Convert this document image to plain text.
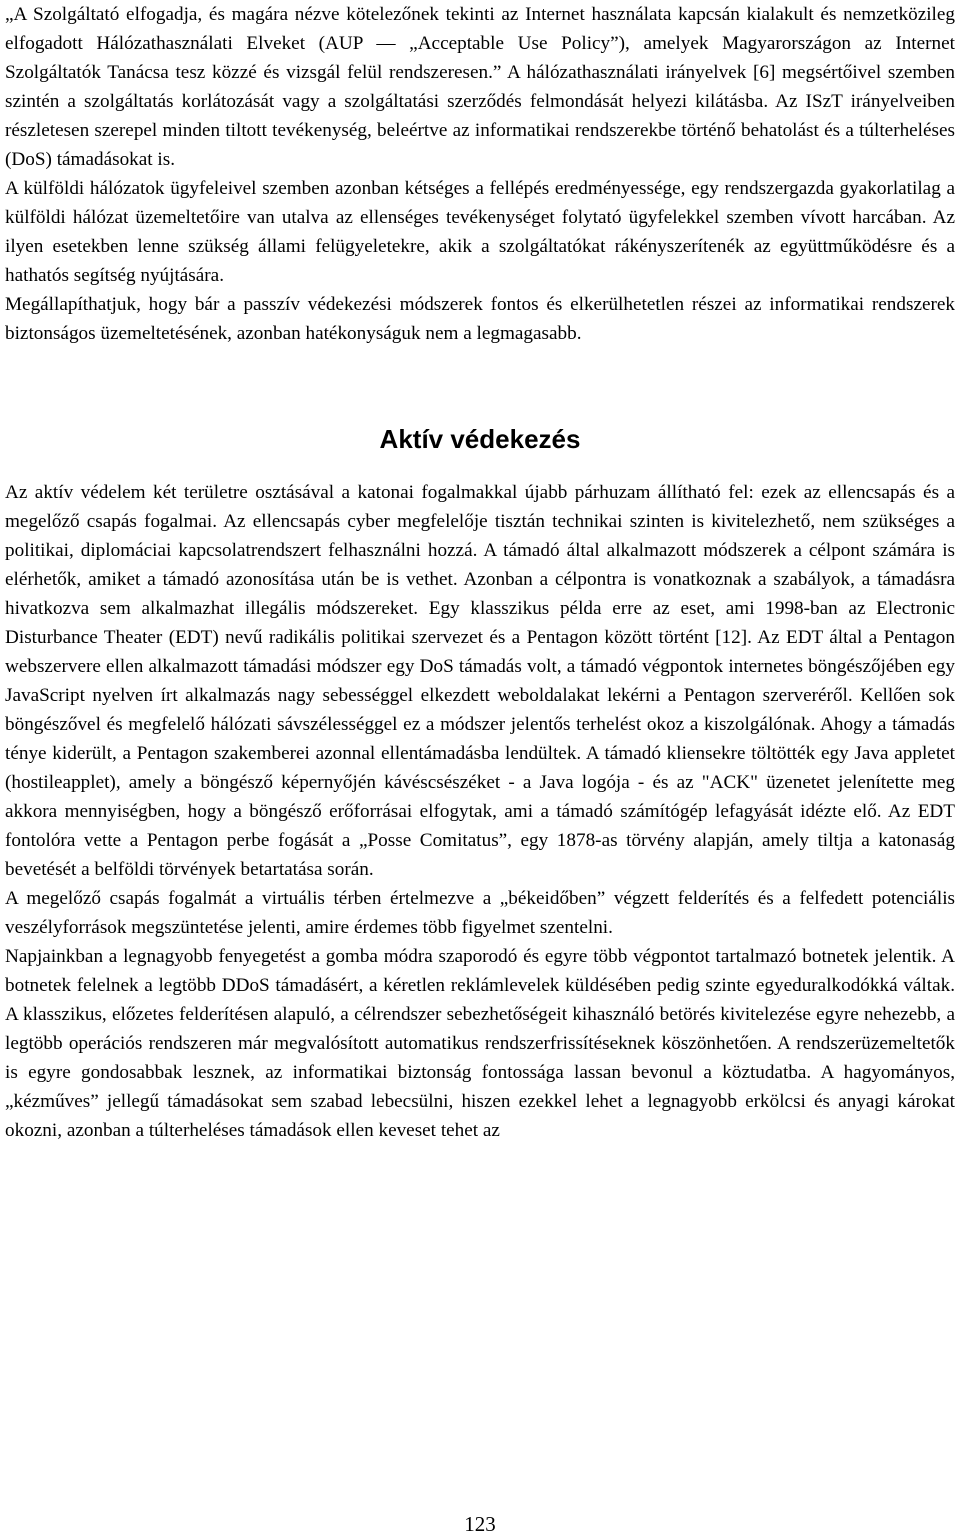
„A Szolgáltató elfogadja, és magára nézve kötelezőnek tekinti az Internet használata kapcsán kialakult és nemzetközileg elfogadott Hálózathasználati Elveket (AUP ― „Acceptable Use Policy”), amelyek Magyarországon az Internet Szolgáltatók Tanácsa tesz közzé és vizsgál felül rendszeresen.” A hálózathasználati irányelvek [6] megsértőivel szemben szintén a szolgáltatás korlátozását vagy a szolgáltatási szerződés felmondását helyezi kilátásba. Az ISzT irányelveiben részletesen szerepel minden tiltott tevékenység, beleértve az informatikai rendszerekbe történő behatolást és a túlterheléses (DoS) támadásokat is.

A külföldi hálózatok ügyfeleivel szemben azonban kétséges a fellépés eredményessége, egy rendszergazda gyakorlatilag a külföldi hálózat üzemeltetőire van utalva az ellenséges tevékenységet folytató ügyfelekkel szemben vívott harcában. Az ilyen esetekben lenne szükség állami felügyeletekre, akik a szolgáltatókat rákényszerítenék az együttműködésre és a hathatós segítség nyújtására.

Megállapíthatjuk, hogy bár a passzív védekezési módszerek fontos és elkerülhetetlen részei az informatikai rendszerek biztonságos üzemeltetésének, azonban hatékonyságuk nem a legmagasabb.

Aktív védekezés

Az aktív védelem két területre osztásával a katonai fogalmakkal újabb párhuzam állítható fel: ezek az ellencsapás és a megelőző csapás fogalmai. Az ellencsapás cyber megfelelője tisztán technikai szinten is kivitelezhető, nem szükséges a politikai, diplomáciai kapcsolatrendszert felhasználni hozzá. A támadó által alkalmazott módszerek a célpont számára is elérhetők, amiket a támadó azonosítása után be is vethet. Azonban a célpontra is vonatkoznak a szabályok, a támadásra hivatkozva sem alkalmazhat illegális módszereket. Egy klasszikus példa erre az eset, ami 1998-ban az Electronic Disturbance Theater (EDT) nevű radikális politikai szervezet és a Pentagon között történt [12]. Az EDT által a Pentagon webszervere ellen alkalmazott támadási módszer egy DoS támadás volt, a támadó végpontok internetes böngészőjében egy JavaScript nyelven írt alkalmazás nagy sebességgel elkezdett weboldalakat lekérni a Pentagon szerveréről. Kellően sok böngészővel és megfelelő hálózati sávszélességgel ez a módszer jelentős terhelést okoz a kiszolgálónak. Ahogy a támadás ténye kiderült, a Pentagon szakemberei azonnal ellentámadásba lendültek. A támadó kliensekre töltötték egy Java appletet (hostileapplet), amely a böngésző képernyőjén kávéscsészéket - a Java logója - és az "ACK" üzenetet jelenítette meg akkora mennyiségben, hogy a böngésző erőforrásai elfogytak, ami a támadó számítógép lefagyását idézte elő. Az EDT fontolóra vette a Pentagon perbe fogását a „Posse Comitatus”, egy 1878-as törvény alapján, amely tiltja a katonaság bevetését a belföldi törvények betartatása során.

A megelőző csapás fogalmát a virtuális térben értelmezve a „békeidőben” végzett felderítés és a felfedett potenciális veszélyforrások megszüntetése jelenti, amire érdemes több figyelmet szentelni.

Napjainkban a legnagyobb fenyegetést a gomba módra szaporodó és egyre több végpontot tartalmazó botnetek jelentik. A botnetek felelnek a legtöbb DDoS támadásért, a kéretlen reklámlevelek küldésében pedig szinte egyeduralkodókká váltak. A klasszikus, előzetes felderítésen alapuló, a célrendszer sebezhetőségeit kihasználó betörés kivitelezése egyre nehezebb, a legtöbb operációs rendszeren már megvalósított automatikus rendszerfrissítéseknek köszönhetően. A rendszerüzemeltetők is egyre gondosabbak lesznek, az informatikai biztonság fontossága lassan bevonul a köztudatba. A hagyományos, „kézműves” jellegű támadásokat sem szabad lebecsülni, hiszen ezekkel lehet a legnagyobb erkölcsi és anyagi károkat okozni, azonban a túlterheléses támadások ellen keveset tehet az

123
